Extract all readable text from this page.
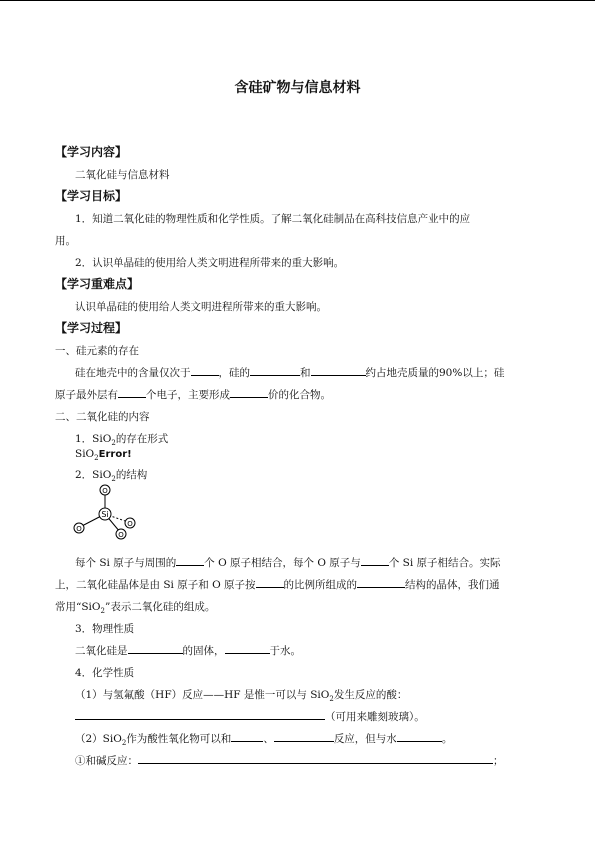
含硅矿物与信息材料
【学习内容】
二氧化硅与信息材料
【学习目标】
1．知道二氧化硅的物理性质和化学性质。了解二氧化硅制品在高科技信息产业中的应
用。
2．认识单晶硅的使用给人类文明进程所带来的重大影响。
【学习重难点】
认识单晶硅的使用给人类文明进程所带来的重大影响。
【学习过程】
一、硅元素的存在
硅在地壳中的含量仅次于	，硅的	和	约占地壳质量的90%以上；硅
原子最外层有	个电子，主要形成	价的化合物。
二、二氧化硅的内容
1．SiO$_2$的存在形式
SiO$_2$Error!
2．SiO$_2$的结构
Si
O
O
O
O
每个 Si 原子与周围的	个 O 原子相结合，每个 O 原子与	个 Si 原子相结合。实际
上，二氧化硅晶体是由 Si 原子和 O 原子按	的比例所组成的	结构的晶体，我们通
常用“SiO$_2$”表示二氧化硅的组成。
3．物理性质
二氧化硅是	的固体，	于水。
4．化学性质
（1）与氢氟酸（HF）反应——HF 是惟一可以与 SiO$_2$发生反应的酸：
（可用来雕刻玻璃）。
（2）SiO$_2$作为酸性氧化物可以和	、	反应，但与水	。
①和碱反应：	；
